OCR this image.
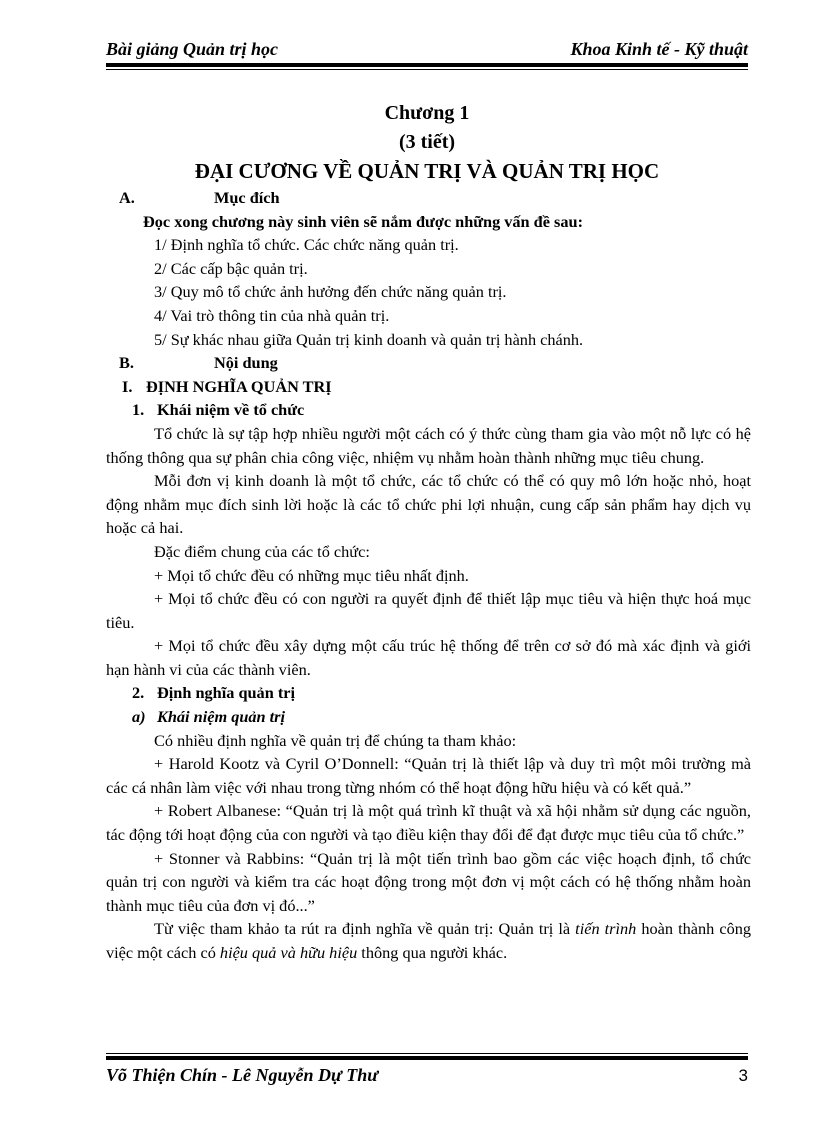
Bài giảng Quản trị học	Khoa Kinh tế - Kỹ thuật
Chương 1
(3 tiết)
ĐẠI CƯƠNG VỀ QUẢN TRỊ VÀ QUẢN TRỊ HỌC

A.	Mục đích

Đọc xong chương này sinh viên sẽ nắm được những vấn đề sau:

1/ Định nghĩa tổ chức. Các chức năng quản trị.

2/ Các cấp bậc quản trị.

3/ Quy mô tổ chức ảnh hưởng đến chức năng quản trị.

4/ Vai trò thông tin của nhà quản trị.

5/ Sự khác nhau giữa Quản trị kinh doanh và quản trị hành chánh.

B.	Nội dung

I. ĐỊNH NGHĨA QUẢN TRỊ

1. Khái niệm về tổ chức

Tổ chức là sự tập hợp nhiều người một cách có ý thức cùng tham gia vào một nỗ lực có hệ thống thông qua sự phân chia công việc, nhiệm vụ nhằm hoàn thành những mục tiêu chung.

Mỗi đơn vị kinh doanh là một tổ chức, các tổ chức có thể có quy mô lớn hoặc nhỏ, hoạt động nhằm mục đích sinh lời hoặc là các tổ chức phi lợi nhuận, cung cấp sản phẩm hay dịch vụ hoặc cả hai.

Đặc điểm chung của các tổ chức:

+ Mọi tổ chức đều có những mục tiêu nhất định.

+ Mọi tổ chức đều có con người ra quyết định để thiết lập mục tiêu và hiện thực hoá mục tiêu.

+ Mọi tổ chức đều xây dựng một cấu trúc hệ thống để trên cơ sở đó mà xác định và giới hạn hành vi của các thành viên.

2. Định nghĩa quản trị

a) Khái niệm quản trị

Có nhiều định nghĩa về quản trị để chúng ta tham khảo:

+ Harold Kootz và Cyril O’Donnell: “Quản trị là thiết lập và duy trì một môi trường mà các cá nhân làm việc với nhau trong từng nhóm có thể hoạt động hữu hiệu và có kết quả.”

+ Robert Albanese: “Quản trị là một quá trình kĩ thuật và xã hội nhằm sử dụng các nguồn, tác động tới hoạt động của con người và tạo điều kiện thay đổi để đạt được mục tiêu của tổ chức.”

+ Stonner và Rabbins: “Quản trị là một tiến trình bao gồm các việc hoạch định, tổ chức quản trị con người và kiểm tra các hoạt động trong một đơn vị một cách có hệ thống nhằm hoàn thành mục tiêu của đơn vị đó...”

Từ việc tham khảo ta rút ra định nghĩa về quản trị: Quản trị là tiến trình hoàn thành công việc một cách có hiệu quả và hữu hiệu thông qua người khác.

Võ Thiện Chín - Lê Nguyễn Dự Thư	3
